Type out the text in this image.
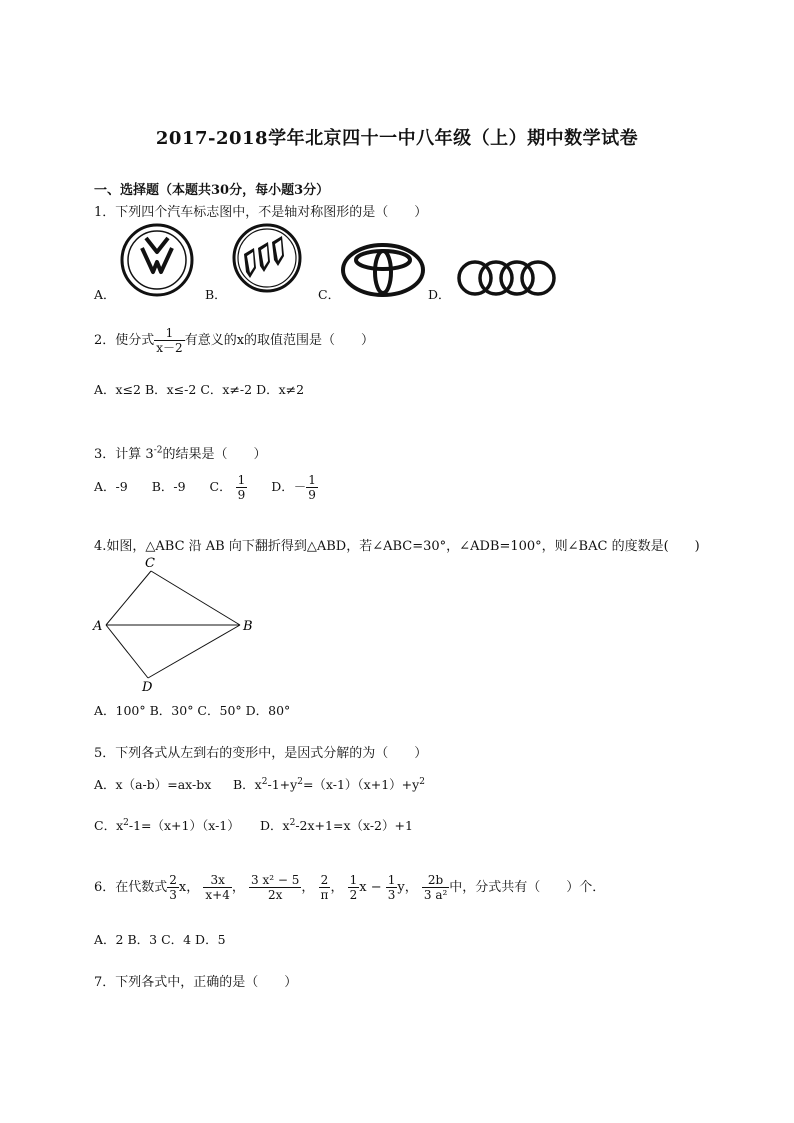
2017-2018学年北京四十一中八年级（上）期中数学试卷
一、选择题（本题共30分，每小题3分）
1．下列四个汽车标志图中，不是轴对称图形的是（　　）
A．	B．	C．	D．
2．使分式 $\frac{1}{x-2}$ 有意义的x的取值范围是（　　）
A．x≤2 B．x≤-2 C．x≠-2 D．x≠2
3．计算 $3^{-2}$的结果是（　　）
A．-9 B．-9 C． $\frac{1}{9}$ D．－ $\frac{1}{9}$
4.如图，△ABC 沿 AB 向下翻折得到△ABD，若∠ABC=30°，∠ADB=100°，则∠BAC 的度数是(　　)
C
A	B
D
A．100° B．30° C．50° D．80°
5．下列各式从左到右的变形中，是因式分解的为（　　）
A．x（a-b）=ax-bx B．$x^2-1+y^2=(x-1)(x+1)+y^2$
C．$x^2-1=(x+1)(x-1)$ D．$x^2-2x+1=x(x-2)+1$
6．在代数式 $\frac{2}{3}$ x， $\frac{3x}{x+4}$ ， $\frac{\text{3 x² − 5}}{2x}$ ， $\frac{2}{\pi}$ ， $\frac{1}{2}$ $x - \frac{1}{3}$ y， $\frac{2b}{\text{3 a²}}$ 中，分式共有（　　）个．
A．2 B．3 C．4 D．5
7．下列各式中，正确的是（　　）
